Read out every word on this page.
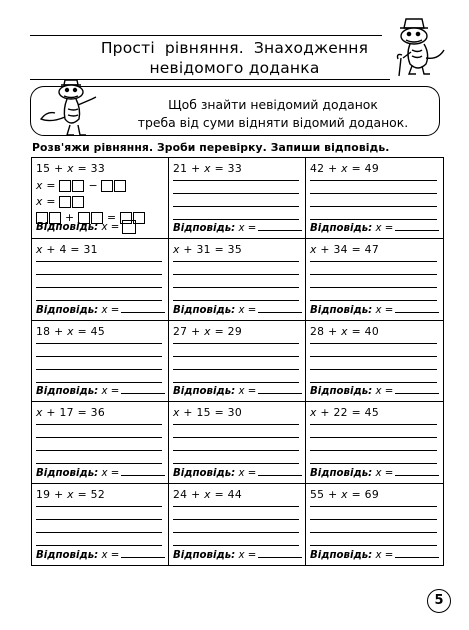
Прості рівняння. Знаходження
невідомого доданка
Щоб знайти невідомий доданок
треба від суми відняти відомий доданок.
Розв'яжи рівняння. Зроби перевірку. Запиши відповідь.
15 + x = 33
x =	−
x =
+	=
Відповідь: x =
21 + x = 33
Відповідь: x =
42 + x = 49
Відповідь: x =
x + 4 = 31
Відповідь: x =
x + 31 = 35
Відповідь: x =
x + 34 = 47
Відповідь: x =
18 + x = 45
Відповідь: x =
27 + x = 29
Відповідь: x =
28 + x = 40
Відповідь: x =
x + 17 = 36
Відповідь: x =
x + 15 = 30
Відповідь: x =
x + 22 = 45
Відповідь: x =
19 + x = 52
Відповідь: x =
24 + x = 44
Відповідь: x =
55 + x = 69
Відповідь: x =
5
